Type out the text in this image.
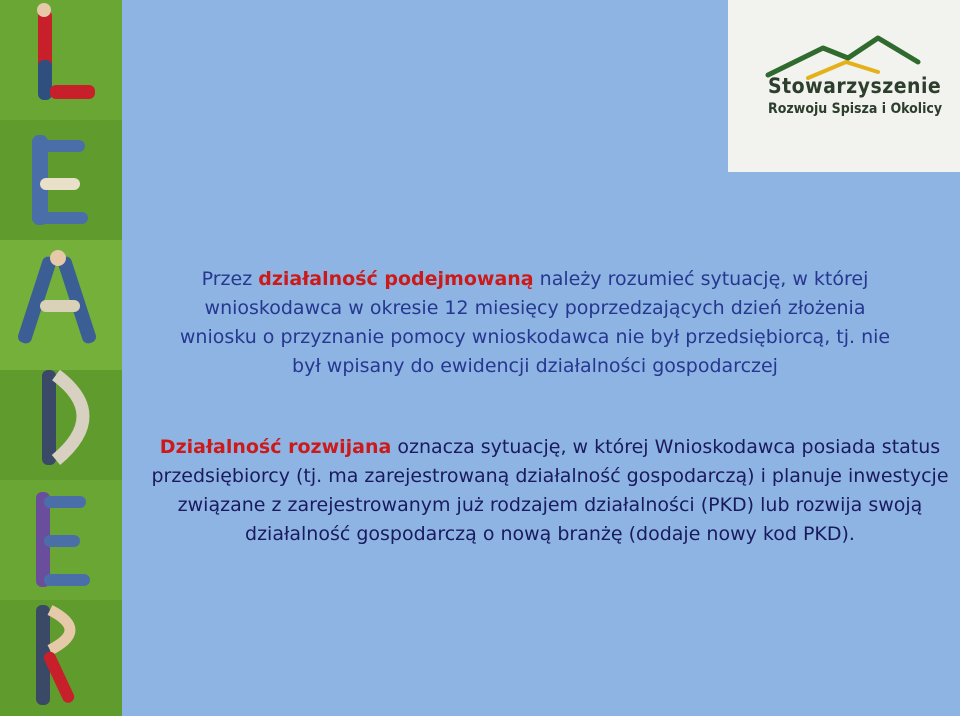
Stowarzyszenie
Rozwoju Spisza i Okolicy
Przez działalność podejmowaną należy rozumieć sytuację, w której wnioskodawca w okresie 12 miesięcy poprzedzających dzień złożenia wniosku o przyznanie pomocy wnioskodawca nie był przedsiębiorcą, tj. nie był wpisany do ewidencji działalności gospodarczej
Działalność rozwijana oznacza sytuację, w której Wnioskodawca posiada status przedsiębiorcy (tj. ma zarejestrowaną działalność gospodarczą) i planuje inwestycje związane z zarejestrowanym już rodzajem działalności (PKD) lub rozwija swoją działalność gospodarczą o nową branżę (dodaje nowy kod PKD).
